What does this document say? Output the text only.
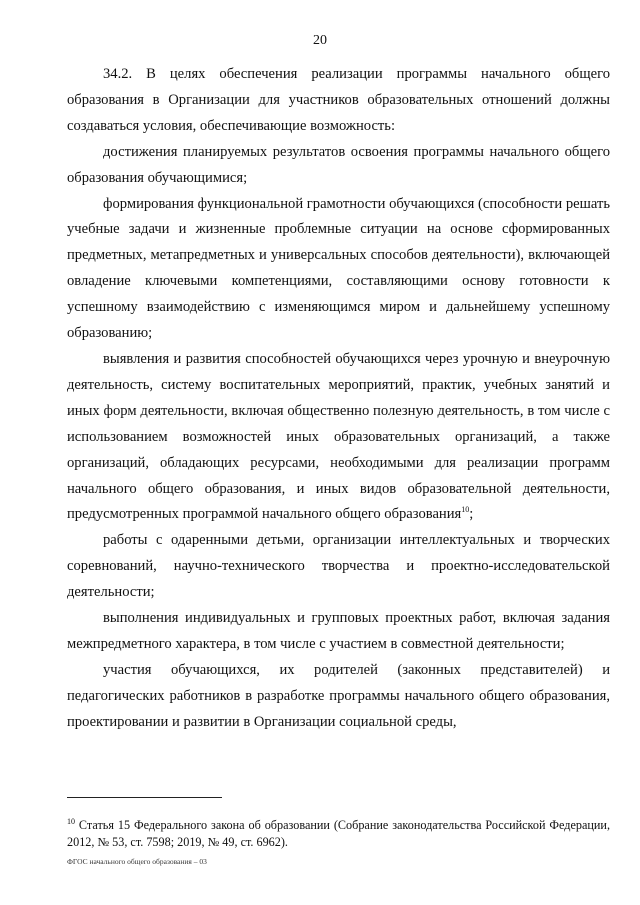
20

34.2. В целях обеспечения реализации программы начального общего образования в Организации для участников образовательных отношений должны создаваться условия, обеспечивающие возможность:

достижения планируемых результатов освоения программы начального общего образования обучающимися;

формирования функциональной грамотности обучающихся (способности решать учебные задачи и жизненные проблемные ситуации на основе сформированных предметных, метапредметных и универсальных способов деятельности), включающей овладение ключевыми компетенциями, составляющими основу готовности к успешному взаимодействию с изменяющимся миром и дальнейшему успешному образованию;

выявления и развития способностей обучающихся через урочную и внеурочную деятельность, систему воспитательных мероприятий, практик, учебных занятий и иных форм деятельности, включая общественно полезную деятельность, в том числе с использованием возможностей иных образовательных организаций, а также организаций, обладающих ресурсами, необходимыми для реализации программ начального общего образования, и иных видов образовательной деятельности, предусмотренных программой начального общего образования$^{10}$;

работы с одаренными детьми, организации интеллектуальных и творческих соревнований, научно-технического творчества и проектно-исследовательской деятельности;

выполнения индивидуальных и групповых проектных работ, включая задания межпредметного характера, в том числе с участием в совместной деятельности;

участия обучающихся, их родителей (законных представителей) и педагогических работников в разработке программы начального общего образования, проектировании и развитии в Организации социальной среды,

$^{10}$ Статья 15 Федерального закона об образовании (Собрание законодательства Российской Федерации, 2012, № 53, ст. 7598; 2019, № 49, ст. 6962).

ФГОС начального общего образования – 03
